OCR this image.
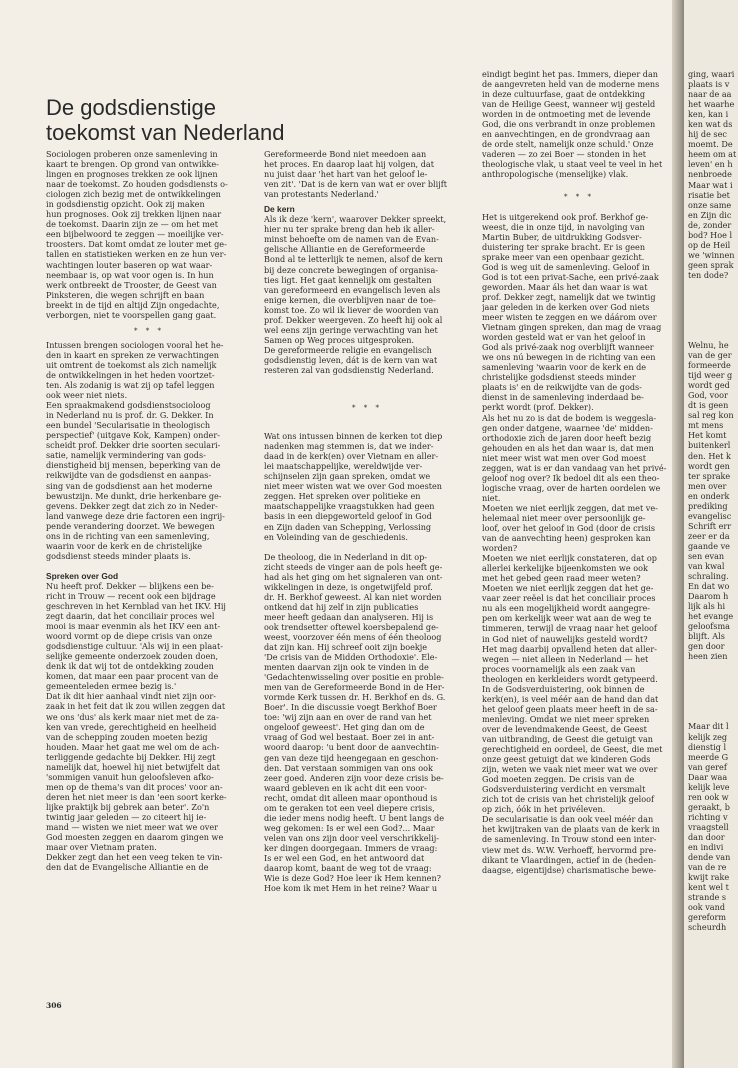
De godsdienstige
toekomst van Nederland
Sociologen proberen onze samenleving in
kaart te brengen. Op grond van ontwikke-
lingen en prognoses trekken ze ook lijnen
naar de toekomst. Zo houden godsdiensts o-
ciologen zich bezig met de ontwikkelingen
in godsdienstig opzicht. Ook zij maken
hun prognoses. Ook zij trekken lijnen naar
de toekomst. Daarin zijn ze — om het met
een bijbelwoord te zeggen — moeilijke ver-
troosters. Dat komt omdat ze louter met ge-
tallen en statistieken werken en ze hun ver-
wachtingen louter baseren op wat waar-
neembaar is, op wat voor ogen is. In hun
werk ontbreekt de Trooster, de Geest van
Pinksteren, die wegen schrijft en baan
breekt in de tijd en altijd Zijn ongedachte,
verborgen, niet te voorspellen gang gaat.
* * *
Intussen brengen sociologen vooral het he-
den in kaart en spreken ze verwachtingen
uit omtrent de toekomst als zich namelijk
de ontwikkelingen in het heden voortzet-
ten. Als zodanig is wat zij op tafel leggen
ook weer niet niets.
Een spraakmakend godsdienstsocioloog
in Nederland nu is prof. dr. G. Dekker. In
een bundel 'Secularisatie in theologisch
perspectief' (uitgave Kok, Kampen) onder-
scheidt prof. Dekker drie soorten seculari-
satie, namelijk vermindering van gods-
dienstigheid bij mensen, beperking van de
reikwijdte van de godsdienst en aanpas-
sing van de godsdienst aan het moderne
bewustzijn. Me dunkt, drie herkenbare ge-
gevens. Dekker zegt dat zich zo in Neder-
land vanwege deze drie factoren een ingrij-
pende verandering doorzet. We bewegen
ons in de richting van een samenleving,
waarin voor de kerk en de christelijke
godsdienst steeds minder plaats is.
Spreken over God
Nu heeft prof. Dekker — blijkens een be-
richt in Trouw — recent ook een bijdrage
geschreven in het Kernblad van het IKV. Hij
zegt daarin, dat het conciliair proces wel
mooi is maar evenmin als het IKV een ant-
woord vormt op de diepe crisis van onze
godsdienstige cultuur. 'Als wij in een plaat-
selijke gemeente onderzoek zouden doen,
denk ik dat wij tot de ontdekking zouden
komen, dat maar een paar procent van de
gemeenteleden ermee bezig is.'
Dat ik dit hier aanhaal vindt niet zijn oor-
zaak in het feit dat ik zou willen zeggen dat
we ons 'dus' als kerk maar niet met de za-
ken van vrede, gerechtigheid en heelheid
van de schepping zouden moeten bezig
houden. Maar het gaat me wel om de ach-
terliggende gedachte bij Dekker. Hij zegt
namelijk dat, hoewel hij niet betwijfelt dat
'sommigen vanuit hun geloofsleven afko-
men op de thema's van dit proces' voor an-
deren het niet meer is dan 'een soort kerke-
lijke praktijk bij gebrek aan beter'. Zo'n
twintig jaar geleden — zo citeert hij ie-
mand — wisten we niet meer wat we over
God moesten zeggen en daarom gingen we
maar over Vietnam praten.
Dekker zegt dan het een veeg teken te vin-
den dat de Evangelische Alliantie en de
Gereformeerde Bond niet meedoen aan
het proces. En daarop laat hij volgen, dat
nu juist daar 'het hart van het geloof le-
ven zit'. 'Dat is de kern van wat er over blijft
van protestants Nederland.'
De kern
Als ik deze 'kern', waarover Dekker spreekt,
hier nu ter sprake breng dan heb ik aller-
minst behoefte om de namen van de Evan-
gelische Alliantie en de Gereformeerde
Bond al te letterlijk te nemen, alsof de kern
bij deze concrete bewegingen of organisa-
ties ligt. Het gaat kennelijk om gestalten
van gereformeerd en evangelisch leven als
enige kernen, die overblijven naar de toe-
komst toe. Zo wil ik liever de woorden van
prof. Dekker weergeven. Zo heeft hij ook al
wel eens zijn geringe verwachting van het
Samen op Weg proces uitgesproken.
De gereformeerde religie en evangelisch
godsdienstig leven, dát is de kern van wat
resteren zal van godsdienstig Nederland.
* * *
Wat ons intussen binnen de kerken tot diep
nadenken mag stemmen is, dat we inder-
daad in de kerk(en) over Vietnam en aller-
lei maatschappelijke, wereldwijde ver-
schijnselen zijn gaan spreken, omdat we
niet meer wisten wat we over God moesten
zeggen. Het spreken over politieke en
maatschappelijke vraagstukken had geen
basis in een diepgeworteld geloof in God
en Zijn daden van Schepping, Verlossing
en Voleinding van de geschiedenis.
De theoloog, die in Nederland in dit op-
zicht steeds de vinger aan de pols heeft ge-
had als het ging om het signaleren van ont-
wikkelingen in deze, is ongetwijfeld prof.
dr. H. Berkhof geweest. Al kan niet worden
ontkend dat hij zelf in zijn publicaties
meer heeft gedaan dan analyseren. Hij is
ook trendsetter oftewel koersbepalend ge-
weest, voorzover één mens of één theoloog
dat zijn kan. Hij schreef ooit zijn boekje
'De crisis van de Midden Orthodoxie'. Ele-
menten daarvan zijn ook te vinden in de
'Gedachtenwisseling over positie en proble-
men van de Gereformeerde Bond in de Her-
vormde Kerk tussen dr. H. Berkhof en ds. G.
Boer'. In die discussie voegt Berkhof Boer
toe: 'wij zijn aan en over de rand van het
ongeloof geweest'. Het ging dan om de
vraag of God wel bestaat. Boer zei in ant-
woord daarop: 'u bent door de aanvechtin-
gen van deze tijd heengegaan en geschon-
den. Dat verstaan sommigen van ons ook
zeer goed. Anderen zijn voor deze crisis be-
waard gebleven en ik acht dit een voor-
recht, omdat dit alleen maar oponthoud is
om te geraken tot een veel diepere crisis,
die ieder mens nodig heeft. U bent langs de
weg gekomen: Is er wel een God?... Maar
velen van ons zijn door veel verschrikkelij-
ker dingen doorgegaan. Immers de vraag:
Is er wel een God, en het antwoord dat
daarop komt, baant de weg tot de vraag:
Wie is deze God? Hoe leer ik Hem kennen?
Hoe kom ik met Hem in het reine? Waar u
eindigt begint het pas. Immers, dieper dan
de aangevreten held van de moderne mens
in deze cultuurfase, gaat de ontdekking
van de Heilige Geest, wanneer wij gesteld
worden in de ontmoeting met de levende
God, die ons verbrandt in onze problemen
en aanvechtingen, en de grondvraag aan
de orde stelt, namelijk onze schuld.' Onze
vaderen — zo zei Boer — stonden in het
theologische vlak, u staat veel te veel in het
anthropologische (menselijke) vlak.
* * *
Het is uitgerekend ook prof. Berkhof ge-
weest, die in onze tijd, in navolging van
Martin Buber, de uitdrukking Godsver-
duistering ter sprake bracht. Er is geen
sprake meer van een openbaar gezicht.
God is weg uit de samenleving. Geloof in
God is tot een privat-Sache, een privé-zaak
geworden. Maar áls het dan waar is wat
prof. Dekker zegt, namelijk dat we twintig
jaar geleden in de kerken over God niets
meer wisten te zeggen en we dáárom over
Vietnam gingen spreken, dan mag de vraag
worden gesteld wat er van het geloof in
God als privé-zaak nog overblijft wanneer
we ons nú bewegen in de richting van een
samenleving 'waarin voor de kerk en de
christelijke godsdienst steeds minder
plaats is' en de reikwijdte van de gods-
dienst in de samenleving inderdaad be-
perkt wordt (prof. Dekker).
Als het nu zo is dat de bodem is weggesla-
gen onder datgene, waarnee 'de' midden-
orthodoxie zich de jaren door heeft bezig
gehouden en als het dan waar is, dat men
niet meer wist wat men over God moest
zeggen, wat is er dan vandaag van het privé-
geloof nog over? Ik bedoel dit als een theo-
logische vraag, over de harten oordelen we
niet.
Moeten we niet eerlijk zeggen, dat met ve-
helemaal niet meer over persoonlijk ge-
loof, over het geloof in God (door de crisis
van de aanvechting heen) gesproken kan
worden?
Moeten we niet eerlijk constateren, dat op
allerlei kerkelijke bijeenkomsten we ook
met het gebed geen raad meer weten?
Moeten we niet eerlijk zeggen dat het ge-
vaar zeer reëel is dat het conciliair proces
nu als een mogelijkheid wordt aangegre-
pen om kerkelijk weer wat aan de weg te
timmeren, terwijl de vraag naar het geloof
in God niet of nauwelijks gesteld wordt?
Het mag daarbij opvallend heten dat aller-
wegen — niet alleen in Nederland — het
proces voornamelijk als een zaak van
theologen en kerkleiders wordt getypeerd.
In de Godsverduistering, ook binnen de
kerk(en), is veel méér aan de hand dan dat
het geloof geen plaats meer heeft in de sa-
menleving. Omdat we niet meer spreken
over de levendmakende Geest, de Geest
van uitbranding, de Geest die getuigt van
gerechtigheid en oordeel, de Geest, die met
onze geest getuigt dat we kinderen Gods
zijn, weten we vaak niet meer wat we over
God moeten zeggen. De crisis van de
Godsverduistering verdicht en versmalt
zich tot de crisis van het christelijk geloof
op zich, óók in het privéleven.
De secularisatie is dan ook veel méér dan
het kwijtraken van de plaats van de kerk in
de samenleving. In Trouw stond een inter-
view met ds. W.W. Verhoeff, hervormd pre-
dikant te Vlaardingen, actief in de (heden-
daagse, eigentijdse) charismatische bewe-
306
ging, waari
plaats is v
naar de aa
het waarhe
ken, kan i
ken wat ds
hij de sec
moemt. De
heem om at
leven' en h
nenbroede
Maar wat i
risatie bet
onze same
en Zijn dic
de, zonder
bod? Hoe l
op de Heil
we 'winnen
geen sprak
ten dode?
Welnu, he
van de ger
formeerde
tijd weer g
wordt ged
God, voor
dt is geen
sal reg kon
mt mens
Het komt
buitenkerl
den. Het k
wordt gen
ter sprake
men over
en onderk
prediking
evangelisc
Schrift err
zeer er da
gaande ve
sen evan
van kwal
schraling.
En dat wo
Daarom h
lijk als hi
het evange
geloofsma
blijft. Als
gen door
heen zien
Maar dit l
kelijk zeg
dienstig l
meerde G
van geref
Daar waa
kelijk leve
ren ook w
geraakt, b
richting v
vraagstell
dan door
en indivi
dende van
van de re
kwijt rake
kent wel t
strande s
ook vand
gereform
scheurdh
